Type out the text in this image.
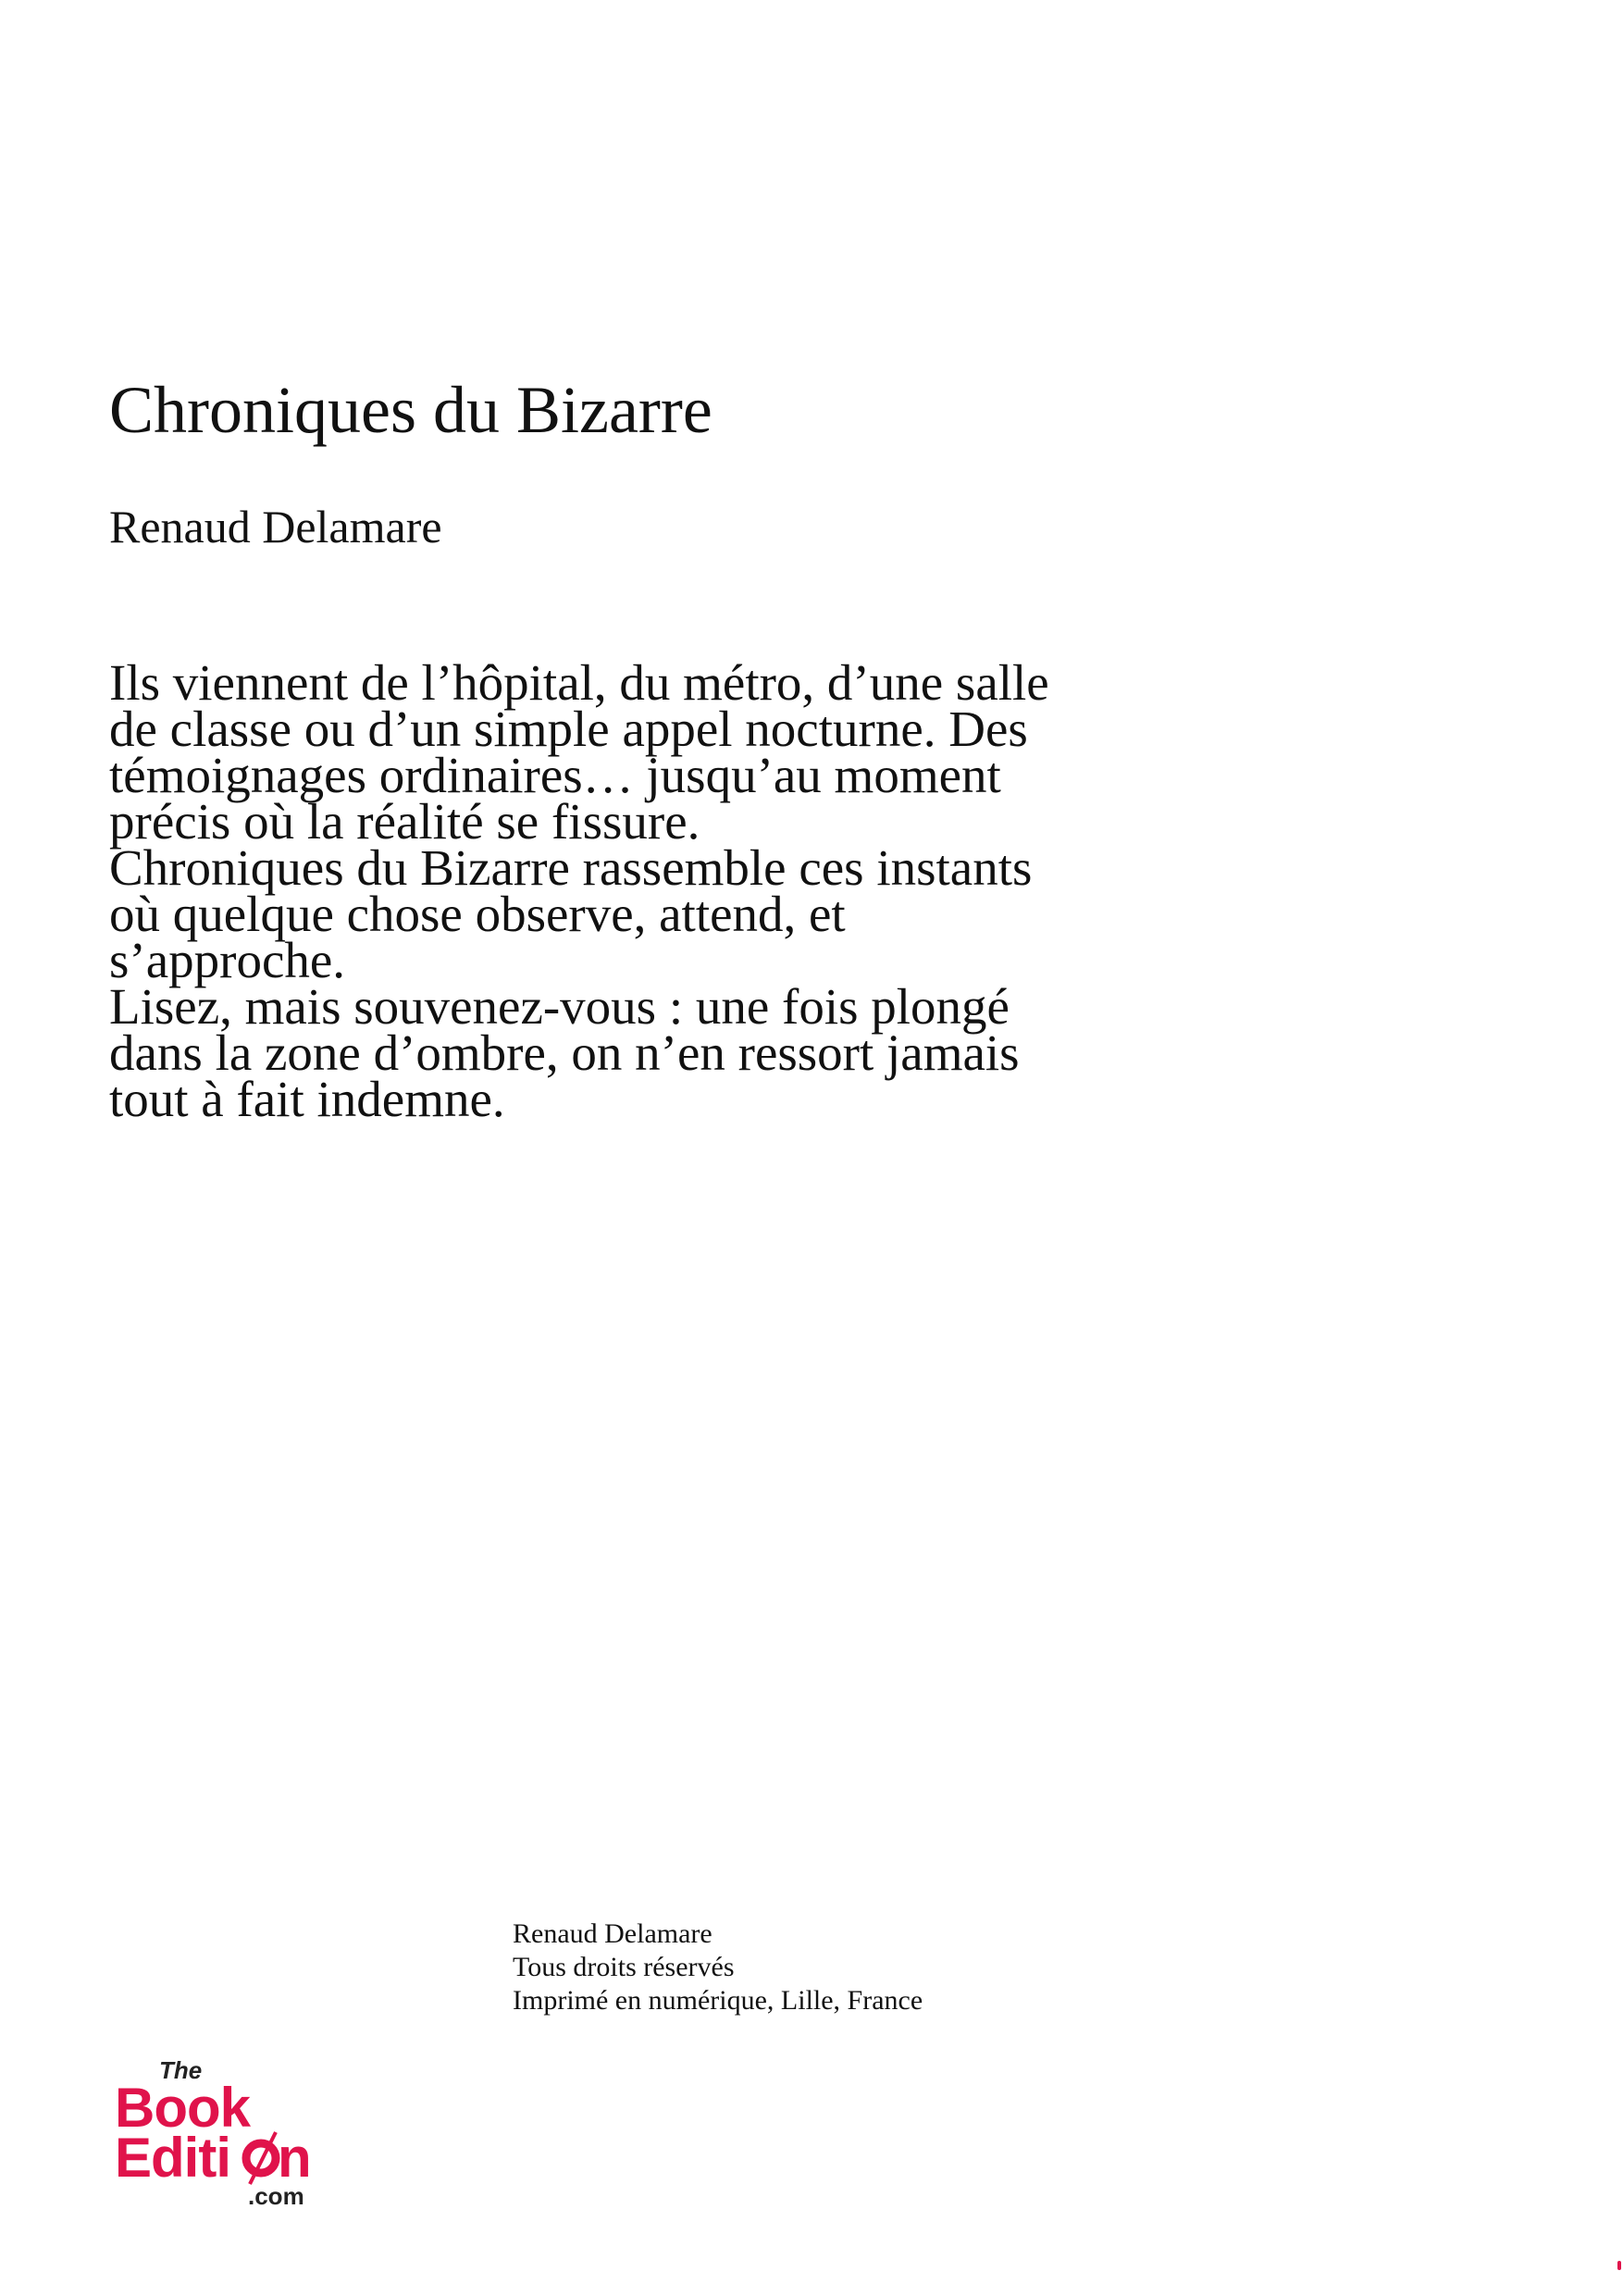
Chroniques du Bizarre
Renaud Delamare
Ils viennent de l’hôpital, du métro, d’une salle
de classe ou d’un simple appel nocturne. Des
témoignages ordinaires… jusqu’au moment
précis où la réalité se fissure.
Chroniques du Bizarre rassemble ces instants
où quelque chose observe, attend, et
s’approche.
Lisez, mais souvenez-vous : une fois plongé
dans la zone d’ombre, on n’en ressort jamais
tout à fait indemne.
Renaud Delamare
Tous droits réservés
Imprimé en numérique, Lille, France
The
Book
Editi n
.com
